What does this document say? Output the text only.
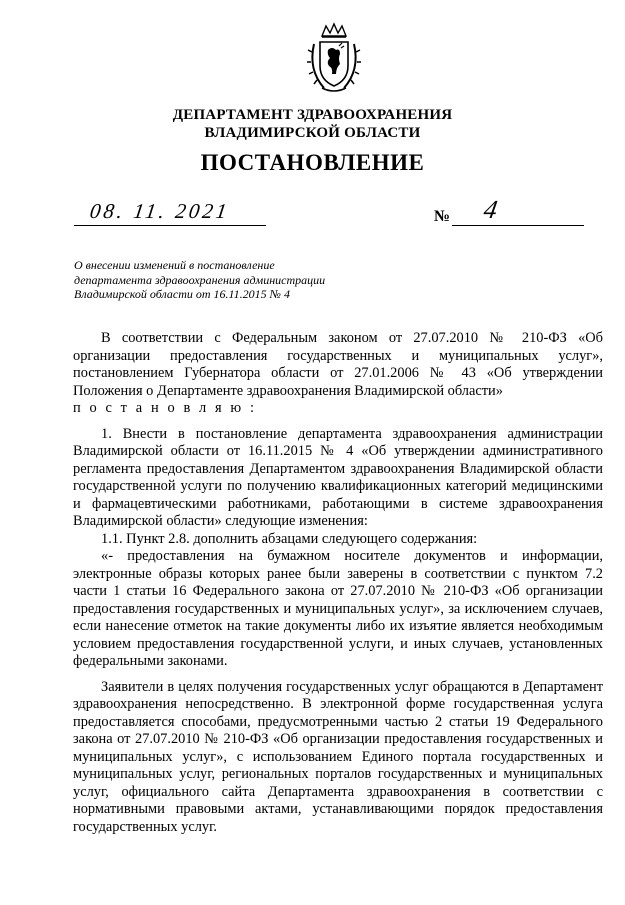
ДЕПАРТАМЕНТ ЗДРАВООХРАНЕНИЯ
ВЛАДИМИРСКОЙ ОБЛАСТИ
ПОСТАНОВЛЕНИЕ
08. 11. 2021	№ 4
О внесении изменений в постановление
департамента здравоохранения администрации
Владимирской области от 16.11.2015 № 4

В соответствии с Федеральным законом от 27.07.2010 № 210-ФЗ «Об организации предоставления государственных и муниципальных услуг», постановлением Губернатора области от 27.01.2006 № 43 «Об утверждении Положения о Департаменте здравоохранения Владимирской области»

п о с т а н о в л я ю :

1. Внести в постановление департамента здравоохранения администрации Владимирской области от 16.11.2015 № 4 «Об утверждении административного регламента предоставления Департаментом здравоохранения Владимирской области государственной услуги по получению квалификационных категорий медицинскими и фармацевтическими работниками, работающими в системе здравоохранения Владимирской области» следующие изменения:

1.1. Пункт 2.8. дополнить абзацами следующего содержания:

«- предоставления на бумажном носителе документов и информации, электронные образы которых ранее были заверены в соответствии с пунктом 7.2 части 1 статьи 16 Федерального закона от 27.07.2010 № 210-ФЗ «Об организации предоставления государственных и муниципальных услуг», за исключением случаев, если нанесение отметок на такие документы либо их изъятие является необходимым условием предоставления государственной услуги, и иных случаев, установленных федеральными законами.

Заявители в целях получения государственных услуг обращаются в Департамент здравоохранения непосредственно. В электронной форме государственная услуга предоставляется способами, предусмотренными частью 2 статьи 19 Федерального закона от 27.07.2010 № 210-ФЗ «Об организации предоставления государственных и муниципальных услуг», с использованием Единого портала государственных и муниципальных услуг, региональных порталов государственных и муниципальных услуг, официального сайта Департамента здравоохранения в соответствии с нормативными правовыми актами, устанавливающими порядок предоставления государственных услуг.
